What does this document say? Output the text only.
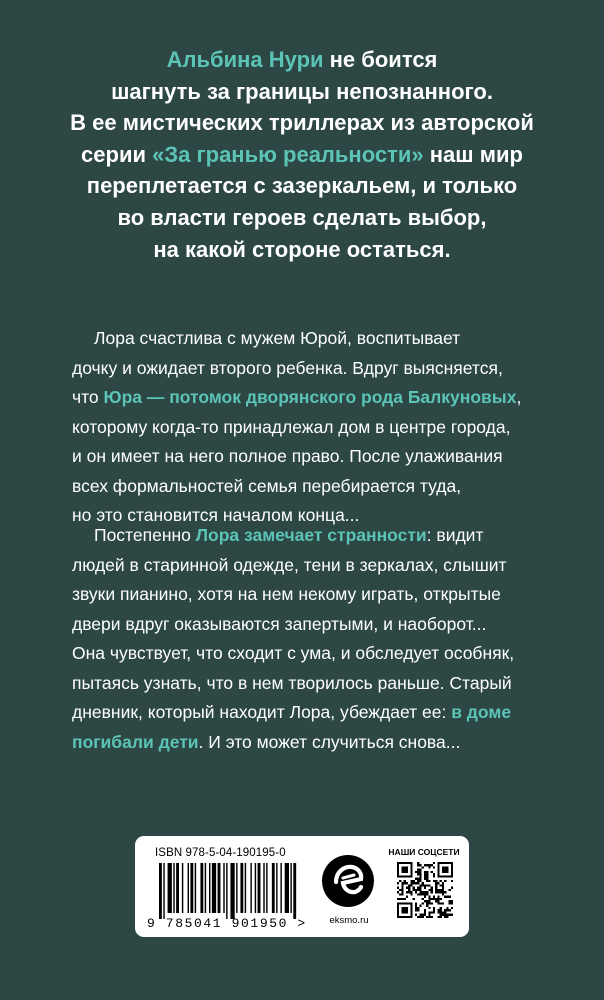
Альбина Нури не боится
шагнуть за границы непознанного.
В ее мистических триллерах из авторской
серии «За гранью реальности» наш мир
переплетается с зазеркальем, и только
во власти героев сделать выбор,
на какой стороне остаться.
Лора счастлива с мужем Юрой, воспитывает
дочку и ожидает второго ребенка. Вдруг выясняется,
что Юра — потомок дворянского рода Балкуновых,
которому когда-то принадлежал дом в центре города,
и он имеет на него полное право. После улаживания
всех формальностей семья перебирается туда,
но это становится началом конца...
Постепенно Лора замечает странности: видит
людей в старинной одежде, тени в зеркалах, слышит
звуки пианино, хотя на нем некому играть, открытые
двери вдруг оказываются запертыми, и наоборот...
Она чувствует, что сходит с ума, и обследует особняк,
пытаясь узнать, что в нем творилось раньше. Старый
дневник, который находит Лора, убеждает ее: в доме
погибали дети. И это может случиться снова...
ISBN 978-5-04-190195-0
9 785041 901950 >	eksmo.ru
НАШИ СОЦСЕТИ
